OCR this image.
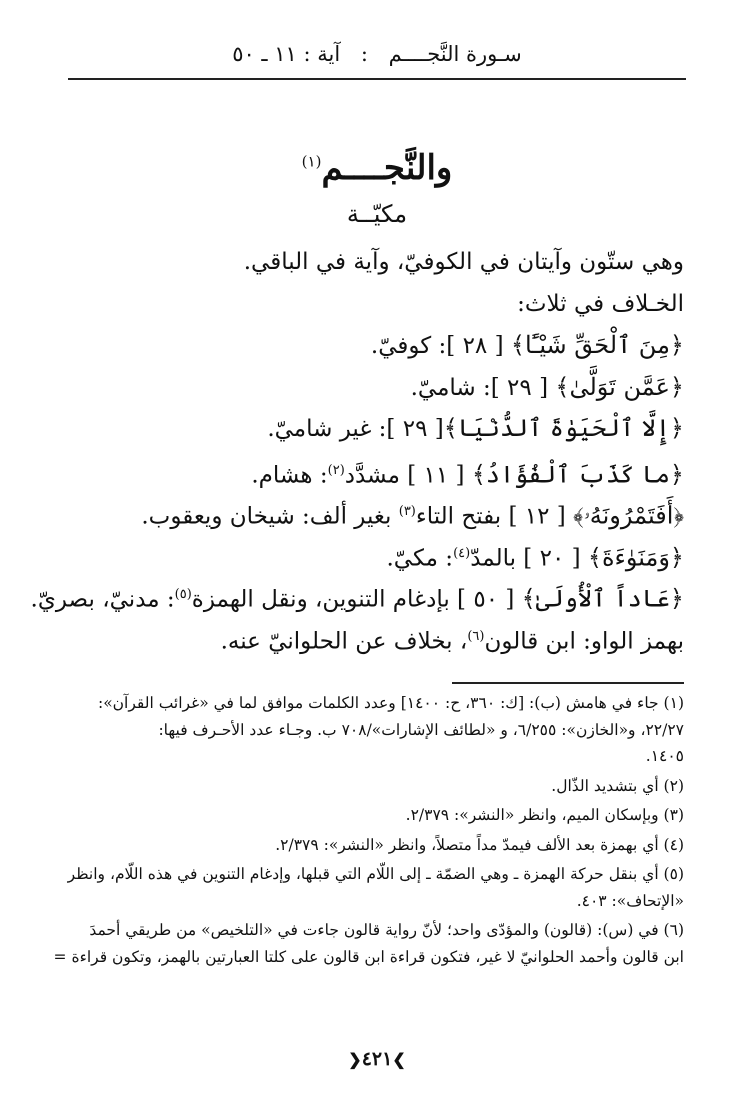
سـورة النَّجــــم : آية : ١١ ـ ٥٠
والنَّجــــم$^{(١)}$
مكيّــة
وهي ستّون وآيتان في الكوفيّ، وآية في الباقي.
الخـلاف في ثلاث:
﴿مِنَ ٱلْحَقِّ شَيْـًٔا﴾ [ ٢٨ ]: كوفيّ.
﴿عَمَّن تَوَلَّىٰ﴾ [ ٢٩ ]: شاميّ.
﴿إِلَّا ٱلْحَيَوٰةَ ٱلدُّنْيَا﴾[ ٢٩ ]: غير شاميّ.
﴿ما كَذَبَ ٱلْفُؤَادُ﴾ [ ١١ ] مشدَّد$^{(٢)}$: هشام.
﴿أَفَتَمْرُونَهُۥ﴾ [ ١٢ ] بفتح التاء$^{(٣)}$ بغير ألف: شيخان ويعقوب.
﴿وَمَنَوٰءَةَ﴾ [ ٢٠ ] بالمدّ$^{(٤)}$: مكيّ.
﴿عَاداً ٱلْأُولَىٰ﴾ [ ٥٠ ] بإدغام التنوين، ونقل الهمزة$^{(٥)}$: مدنيّ، بصريّ.
بهمز الواو: ابن قالون$^{(٦)}$، بخلاف عن الحلوانيّ عنه.
(١) جاء في هامش (ب): [ك: ٣٦٠، ح: ١٤٠٠] وعدد الكلمات موافق لما في «غرائب القرآن»:
٢٢/٢٧، و«الخازن»: ٦/٢٥٥، و «لطائف الإشارات»/٧٠٨ ب. وجـاء عدد الأحـرف فيها:
١٤٠٥.
(٢) أي بتشديد الذّال.
(٣) وبإسكان الميم، وانظر «النشر»: ٢/٣٧٩.
(٤) أي بهمزة بعد الألف فيمدّ مداً متصلاً، وانظر «النشر»: ٢/٣٧٩.
(٥) أي بنقل حركة الهمزة ـ وهي الضمّة ـ إلى اللّام التي قبلها، وإدغام التنوين في هذه اللّام، وانظر
«الإتحاف»: ٤٠٣.
(٦) في (س): (قالون) والمؤدّى واحد؛ لأنّ رواية قالون جاءت في «التلخيص» من طريقي أحمدَ
ابن قالون وأحمد الحلوانيّ لا غير، فتكون قراءة ابن قالون على كلتا العبارتين بالهمز، وتكون قراءة =
❯٤٢١❮
